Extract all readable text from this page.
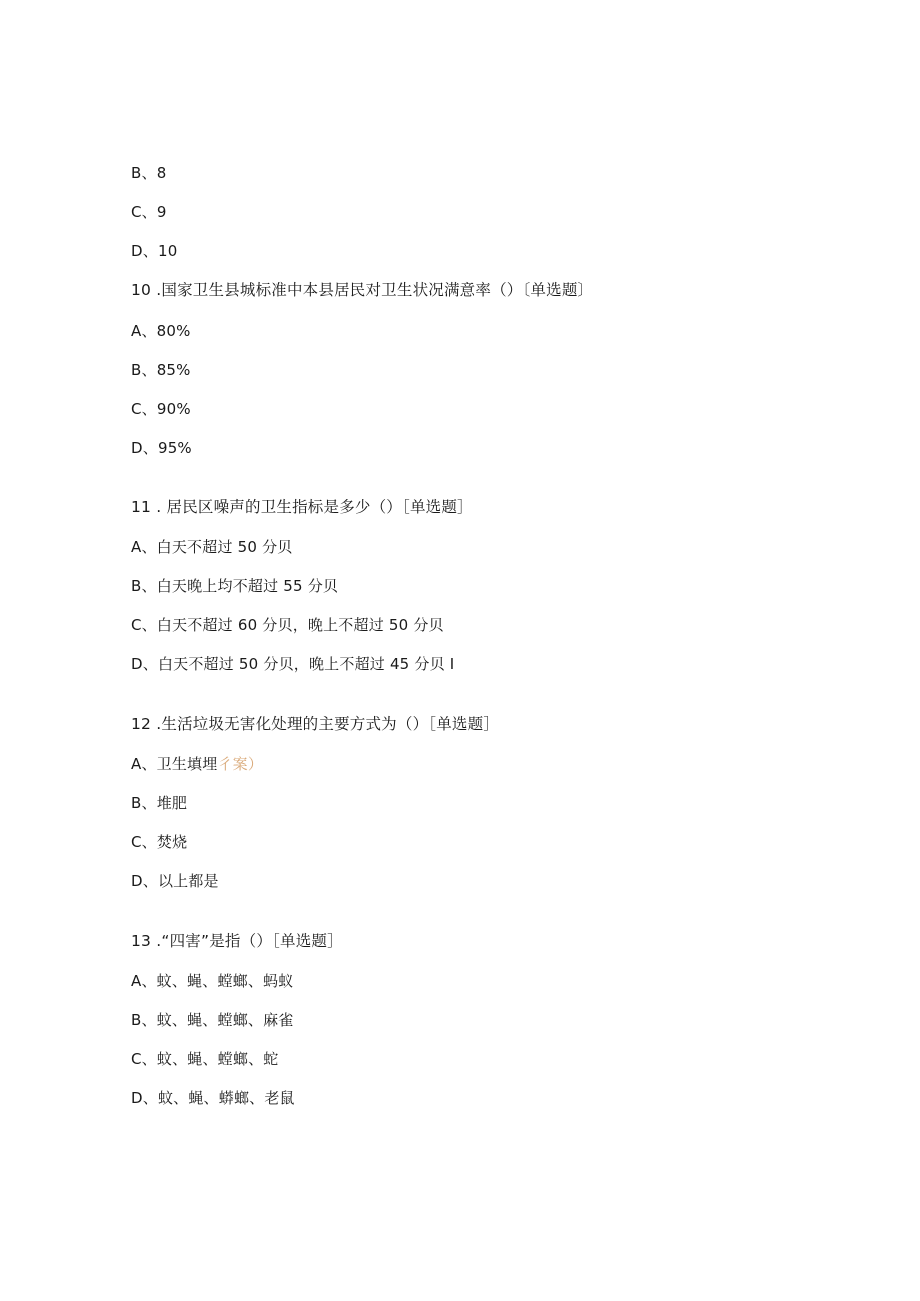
B、8
C、9
D、10
10 .国家卫生县城标准中本县居民对卫生状况满意率（）〔单选题〕
A、80%
B、85%
C、90%
D、95%
11 . 居民区噪声的卫生指标是多少（）［单选题］
A、白天不超过 50 分贝
B、白天晚上均不超过 55 分贝
C、白天不超过 60 分贝，晚上不超过 50 分贝
D、白天不超过 50 分贝，晚上不超过 45 分贝 I
12 .生活垃圾无害化处理的主要方式为（）［单选题］
A、卫生填埋彳案）
B、堆肥
C、焚烧
D、以上都是
13 .“四害”是指（）［单选题］
A、蚊、蝇、螳螂、蚂蚁
B、蚊、蝇、螳螂、麻雀
C、蚊、蝇、螳螂、蛇
D、蚊、蝇、蟒螂、老鼠
